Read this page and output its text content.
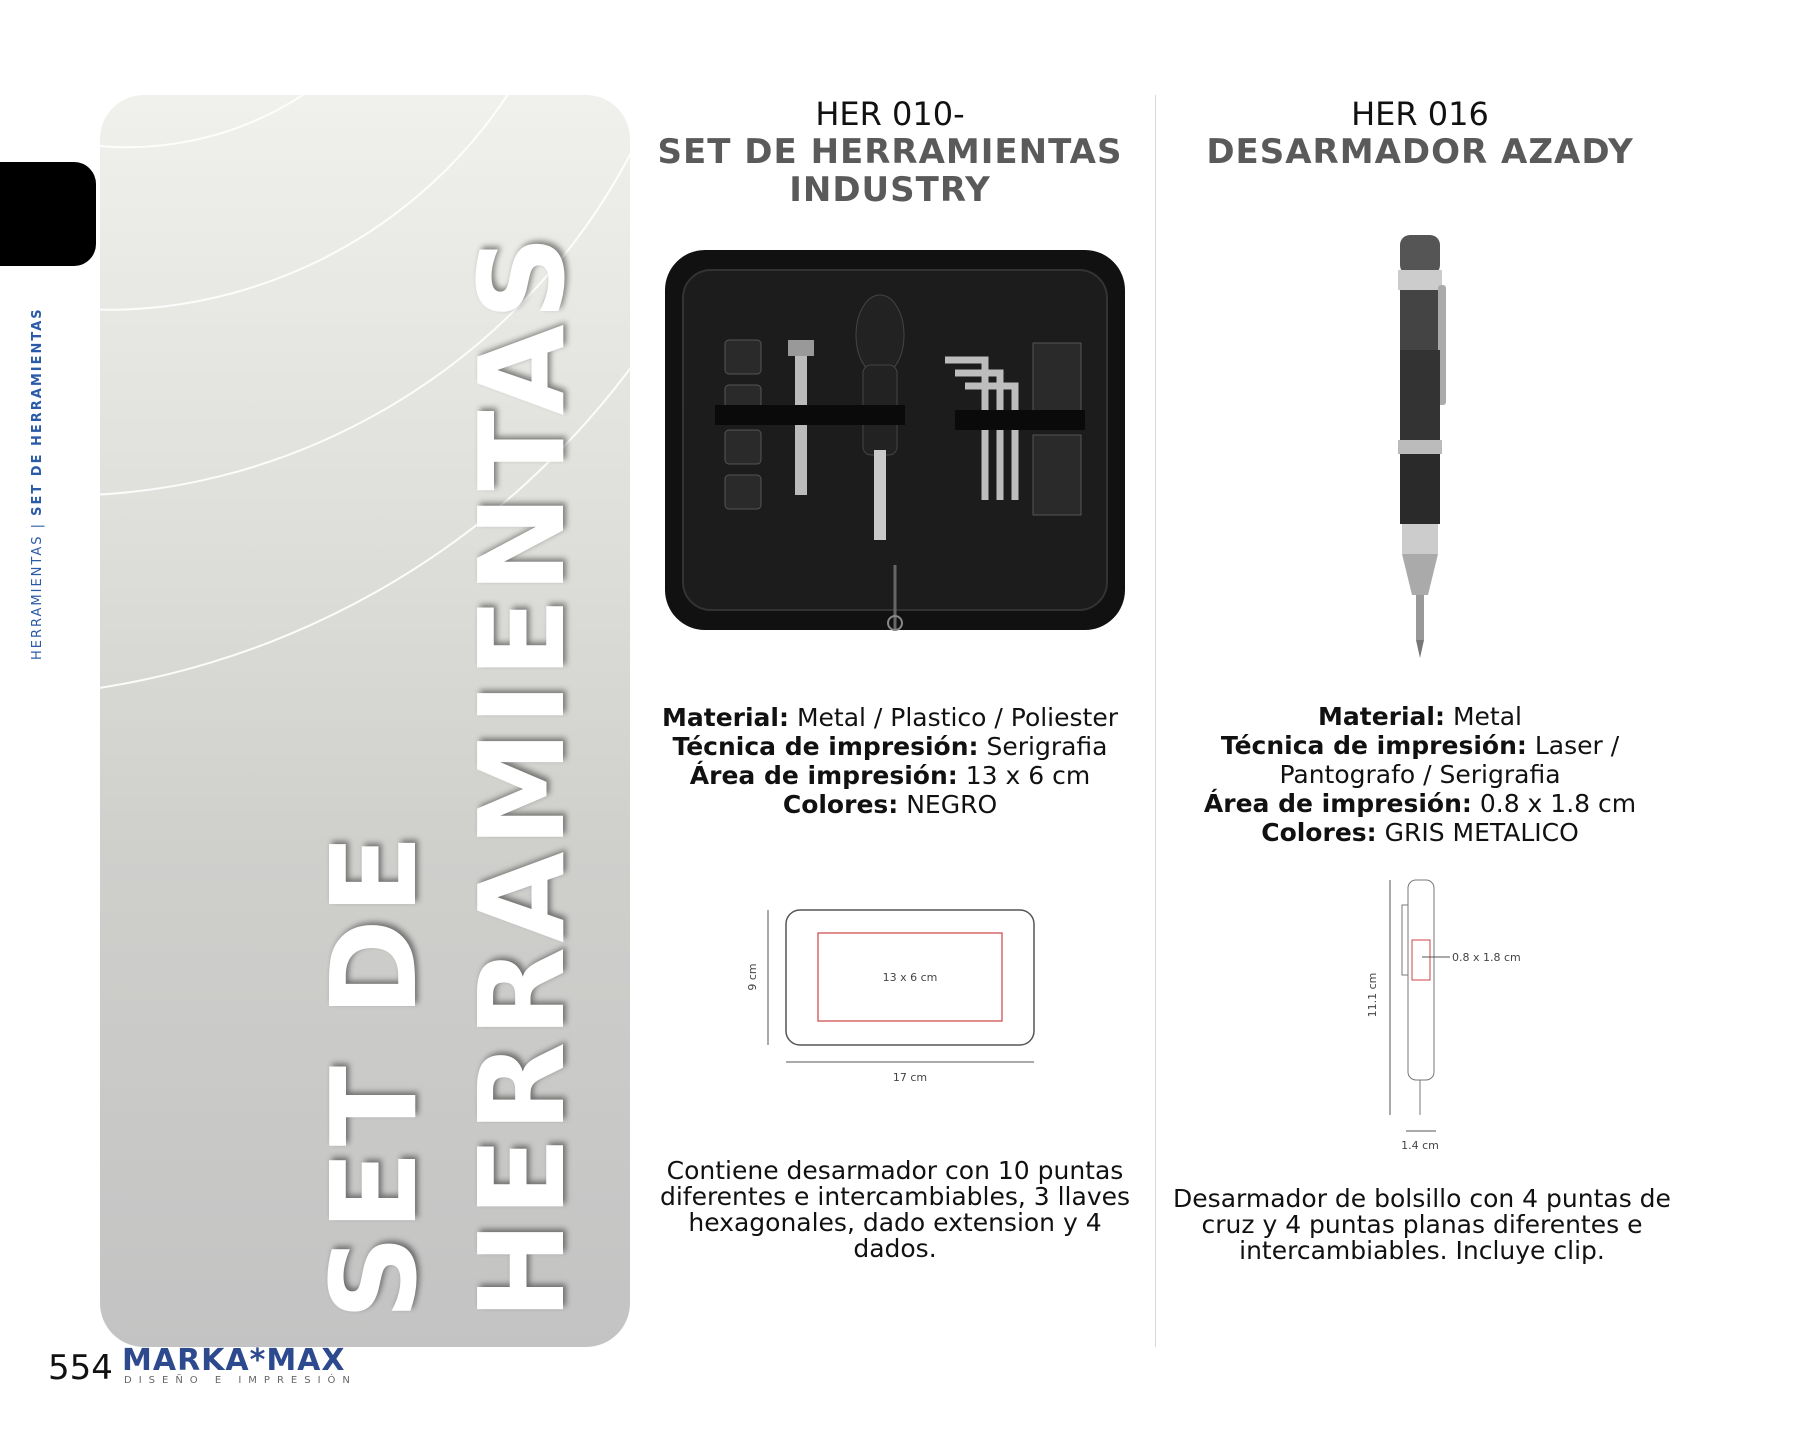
HERRAMIENTAS | SET DE HERRAMIENTAS
SET DE HERRAMIENTAS
HER 010-
SET DE HERRAMIENTAS
INDUSTRY
Material: Metal / Plastico / Poliester
Técnica de impresión: Serigrafia
Área de impresión: 13 x 6 cm
Colores: NEGRO
13 x 6 cm
9 cm
17 cm
Contiene desarmador con 10 puntas diferentes e intercambiables, 3 llaves hexagonales, dado extension y 4 dados.
HER 016
DESARMADOR AZADY
Material: Metal
Técnica de impresión: Laser /
Pantografo / Serigrafia
Área de impresión: 0.8 x 1.8 cm
Colores: GRIS METALICO
11.1 cm
0.8 x 1.8 cm
1.4 cm
Desarmador de bolsillo con 4 puntas de cruz y 4 puntas planas diferentes e intercambiables. Incluye clip.
554 MARKA*MAX
DISEÑO E IMPRESIÓN
